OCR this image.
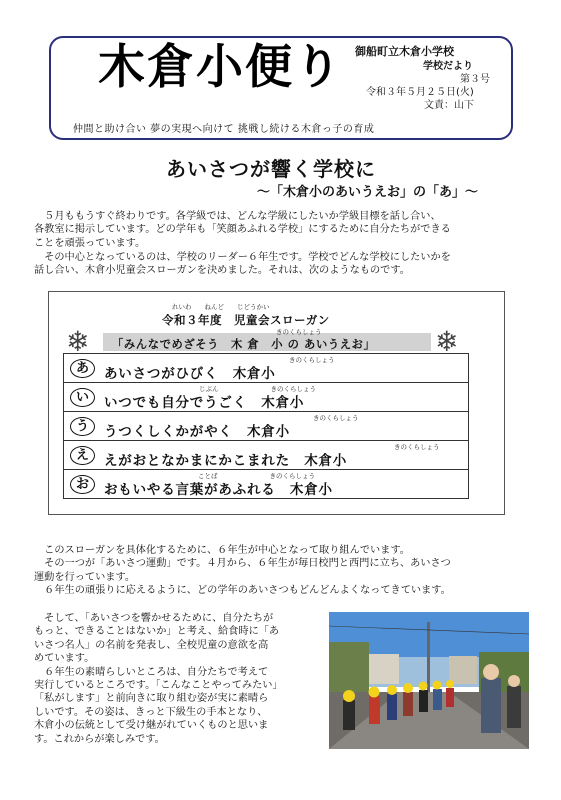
木倉小便り 御船町立木倉小学校
学校だより
第３号
令和３年５月２５日(火)
文責：山下
仲間と助け合い 夢の実現へ向けて 挑戦し続ける木倉っ子の育成
あいさつが響く学校に
～「木倉小のあいうえお」の「あ」～
　５月ももうすぐ終わりです。各学級では、どんな学級にしたいか学級目標を話し合い、
各教室に掲示しています。どの学年も「笑顔あふれる学校」にするために自分たちができる
ことを頑張っています。
　その中心となっているのは、学校のリーダー６年生です。学校でどんな学校にしたいかを
話し合い、木倉小児童会スローガンを決めました。それは、次のようなものです。
れいわ　　ねんど　　じどうかい
令和３年度　児童会スローガン
❄	❄
きのくらしょう
「みんなでめざそう　木 倉　小 の あいうえお」
あ
きのくらしょう
あいさつがひびく　木倉小
い
じぶん　　　　　　　　きのくらしょう
いつでも自分でうごく　木倉小
う
きのくらしょう
うつくしくかがやく　木倉小
え
きのくらしょう
えがおとなかまにかこまれた　木倉小
お
ことば　　　　　　　　きのくらしょう
おもいやる言葉があふれる　木倉小
　このスローガンを具体化するために、６年生が中心となって取り組んでいます。
　その一つが「あいさつ運動」です。４月から、６年生が毎日校門と西門に立ち、あいさつ
運動を行っています。
　６年生の頑張りに応えるように、どの学年のあいさつもどんどんよくなってきています。
　そして、「あいさつを響かせるために、自分たちが
もっと、できることはないか」と考え、給食時に「あ
いさつ名人」の名前を発表し、全校児童の意欲を高
めています。
　６年生の素晴らしいところは、自分たちで考えて
実行しているところです。「こんなことやってみたい」
「私がします」と前向きに取り組む姿が実に素晴ら
しいです。その姿は、きっと下級生の手本となり、
木倉小の伝統として受け継がれていくものと思いま
す。これからが楽しみです。
